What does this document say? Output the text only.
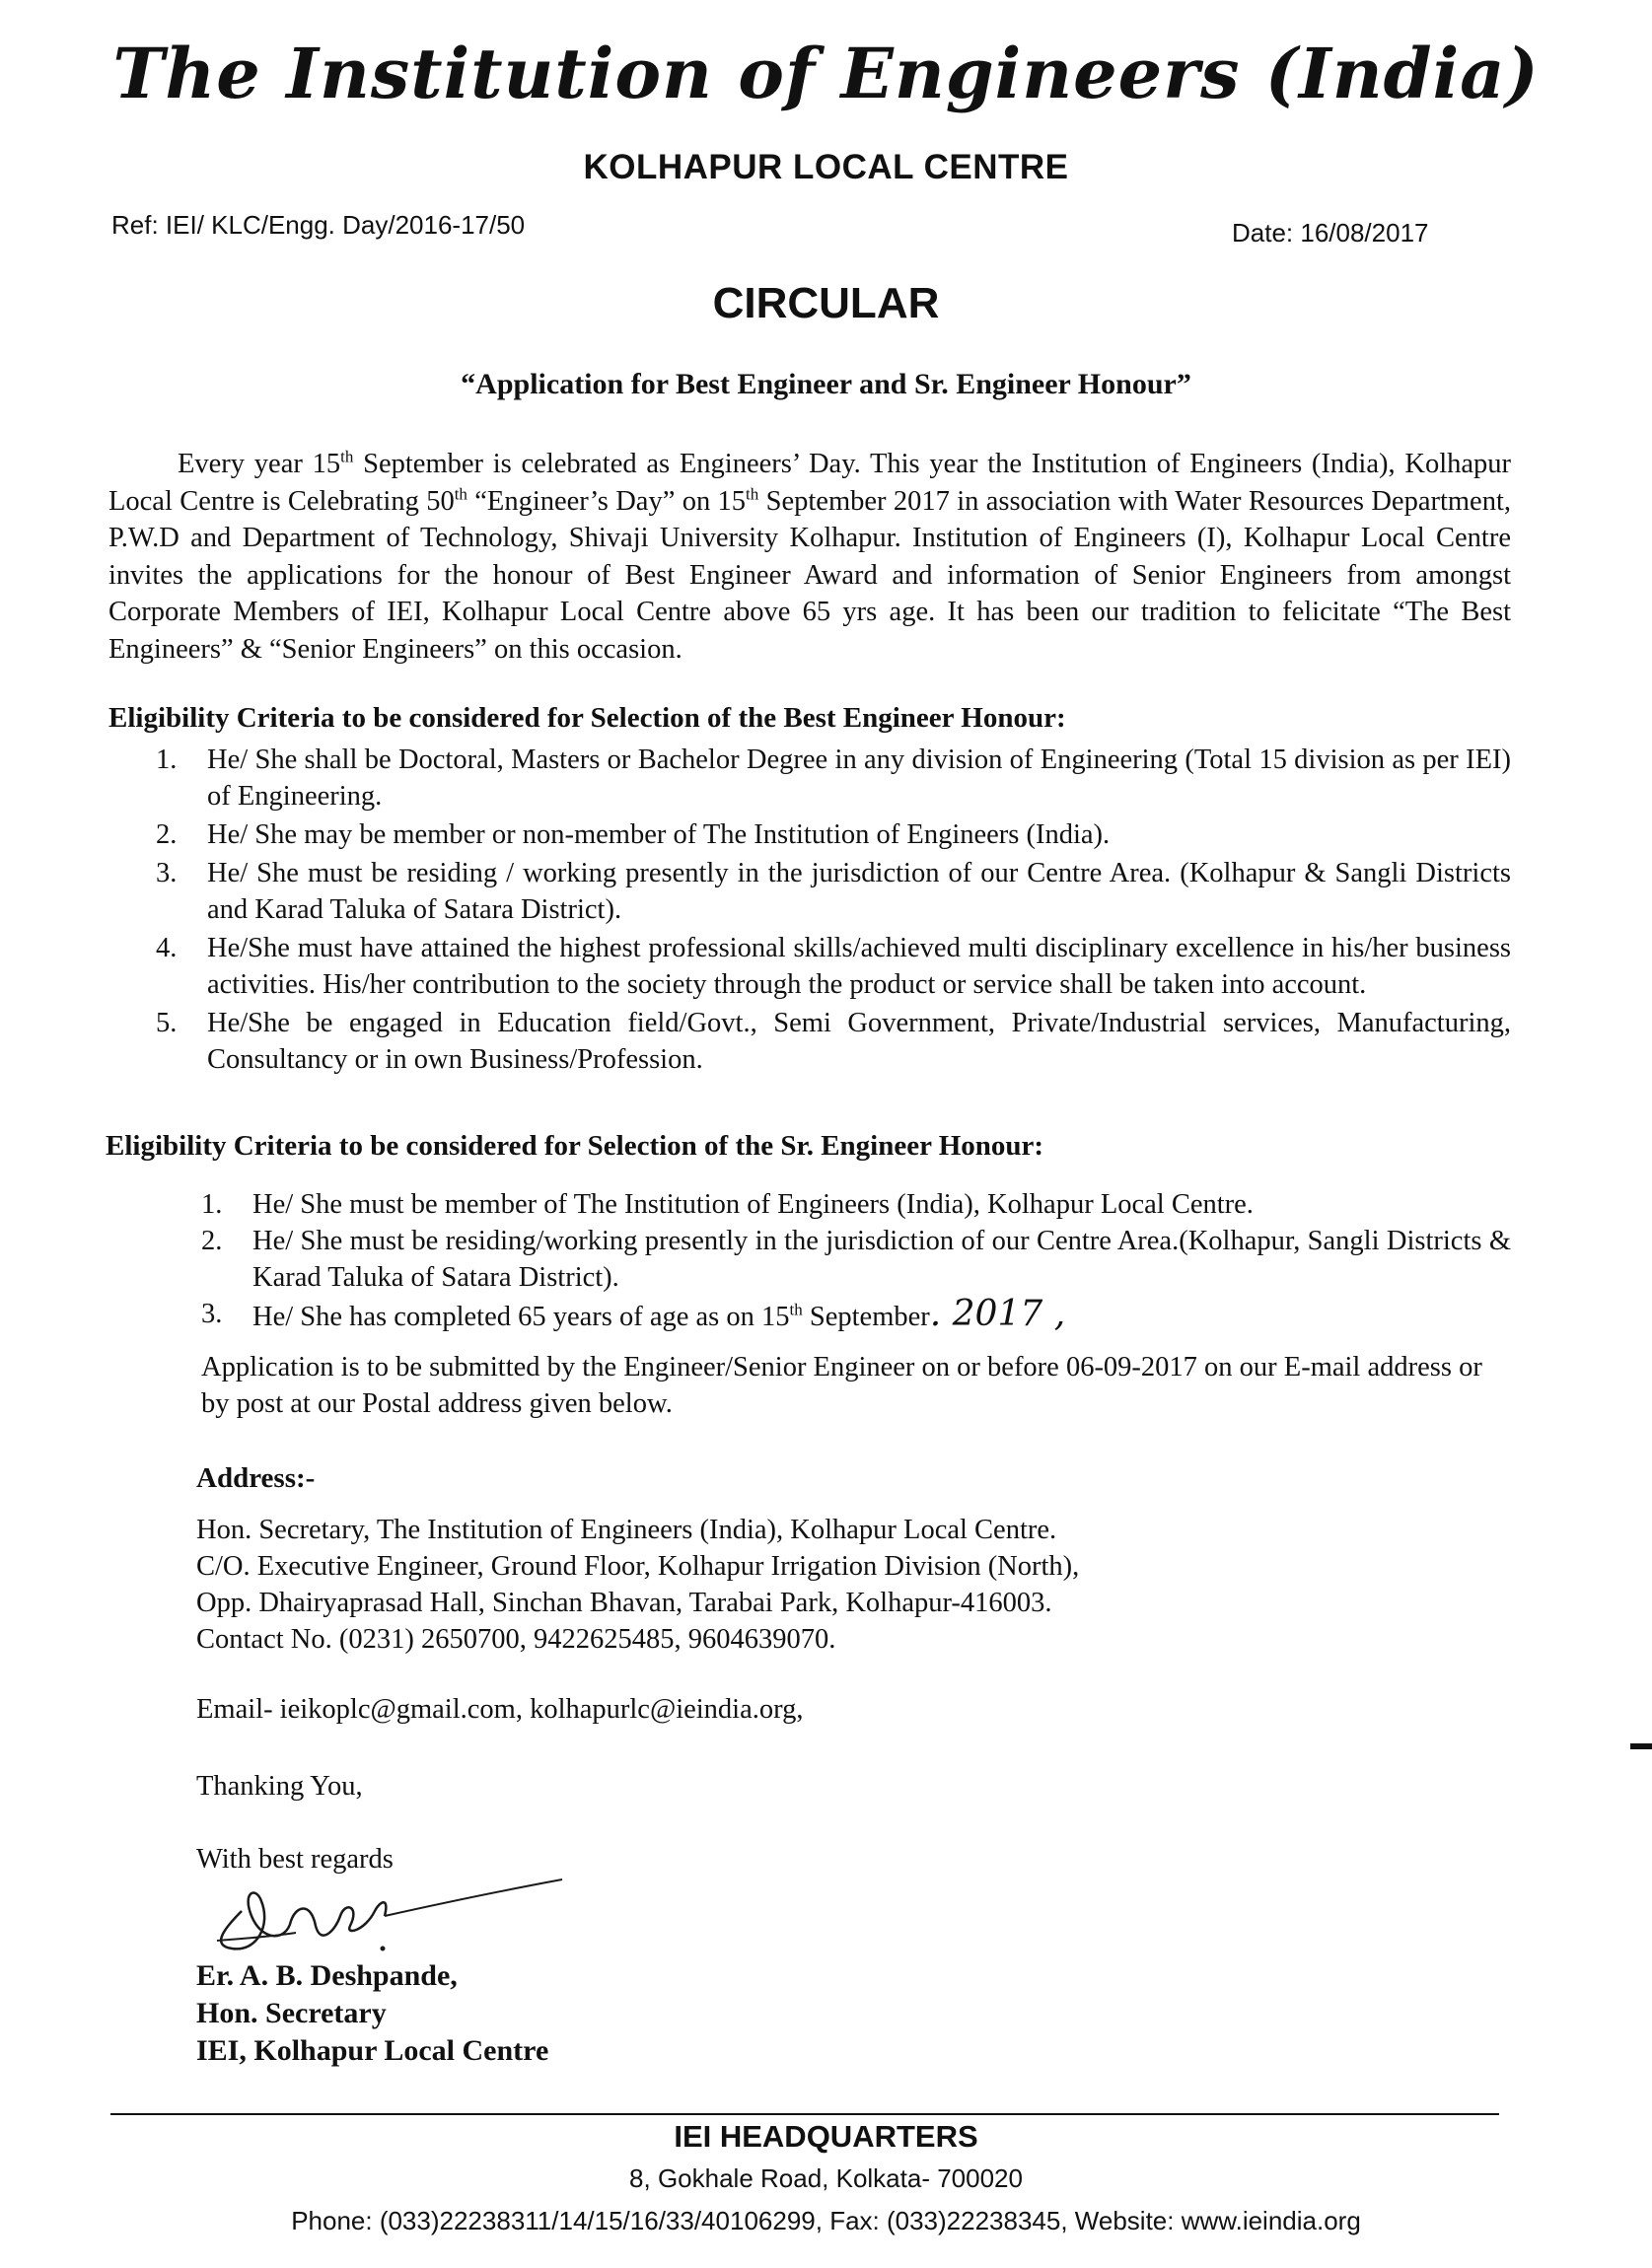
The Institution of Engineers (India)
KOLHAPUR LOCAL CENTRE
Ref: IEI/ KLC/Engg. Day/2016-17/50	Date: 16/08/2017
CIRCULAR
“Application for Best Engineer and Sr. Engineer Honour”
Every year 15th September is celebrated as Engineers’ Day. This year the Institution of Engineers (India), Kolhapur Local Centre is Celebrating 50th “Engineer’s Day” on 15th September 2017 in association with Water Resources Department, P.W.D and Department of Technology, Shivaji University Kolhapur. Institution of Engineers (I), Kolhapur Local Centre invites the applications for the honour of Best Engineer Award and information of Senior Engineers from amongst Corporate Members of IEI, Kolhapur Local Centre above 65 yrs age. It has been our tradition to felicitate “The Best Engineers” & “Senior Engineers” on this occasion.
Eligibility Criteria to be considered for Selection of the Best Engineer Honour:
1. He/ She shall be Doctoral, Masters or Bachelor Degree in any division of Engineering (Total 15 division as per IEI) of Engineering.
2. He/ She may be member or non-member of The Institution of Engineers (India).
3. He/ She must be residing / working presently in the jurisdiction of our Centre Area. (Kolhapur & Sangli Districts and Karad Taluka of Satara District).
4. He/She must have attained the highest professional skills/achieved multi disciplinary excellence in his/her business activities. His/her contribution to the society through the product or service shall be taken into account.
5. He/She be engaged in Education field/Govt., Semi Government, Private/Industrial services, Manufacturing, Consultancy or in own Business/Profession.
Eligibility Criteria to be considered for Selection of the Sr. Engineer Honour:
1. He/ She must be member of The Institution of Engineers (India), Kolhapur Local Centre.
2. He/ She must be residing/working presently in the jurisdiction of our Centre Area.(Kolhapur, Sangli Districts & Karad Taluka of Satara District).
3. He/ She has completed 65 years of age as on 15th September. 2017 ,
Application is to be submitted by the Engineer/Senior Engineer on or before 06-09-2017 on our E-mail address or by post at our Postal address given below.
Address:-
Hon. Secretary, The Institution of Engineers (India), Kolhapur Local Centre.
C/O. Executive Engineer, Ground Floor, Kolhapur Irrigation Division (North),
Opp. Dhairyaprasad Hall, Sinchan Bhavan, Tarabai Park, Kolhapur-416003.
Contact No. (0231) 2650700, 9422625485, 9604639070.
Email- ieikoplc@gmail.com, kolhapurlc@ieindia.org,
Thanking You,
With best regards
Er. A. B. Deshpande,
Hon. Secretary
IEI, Kolhapur Local Centre
IEI HEADQUARTERS
8, Gokhale Road, Kolkata- 700020
Phone: (033)22238311/14/15/16/33/40106299, Fax: (033)22238345, Website: www.ieindia.org
